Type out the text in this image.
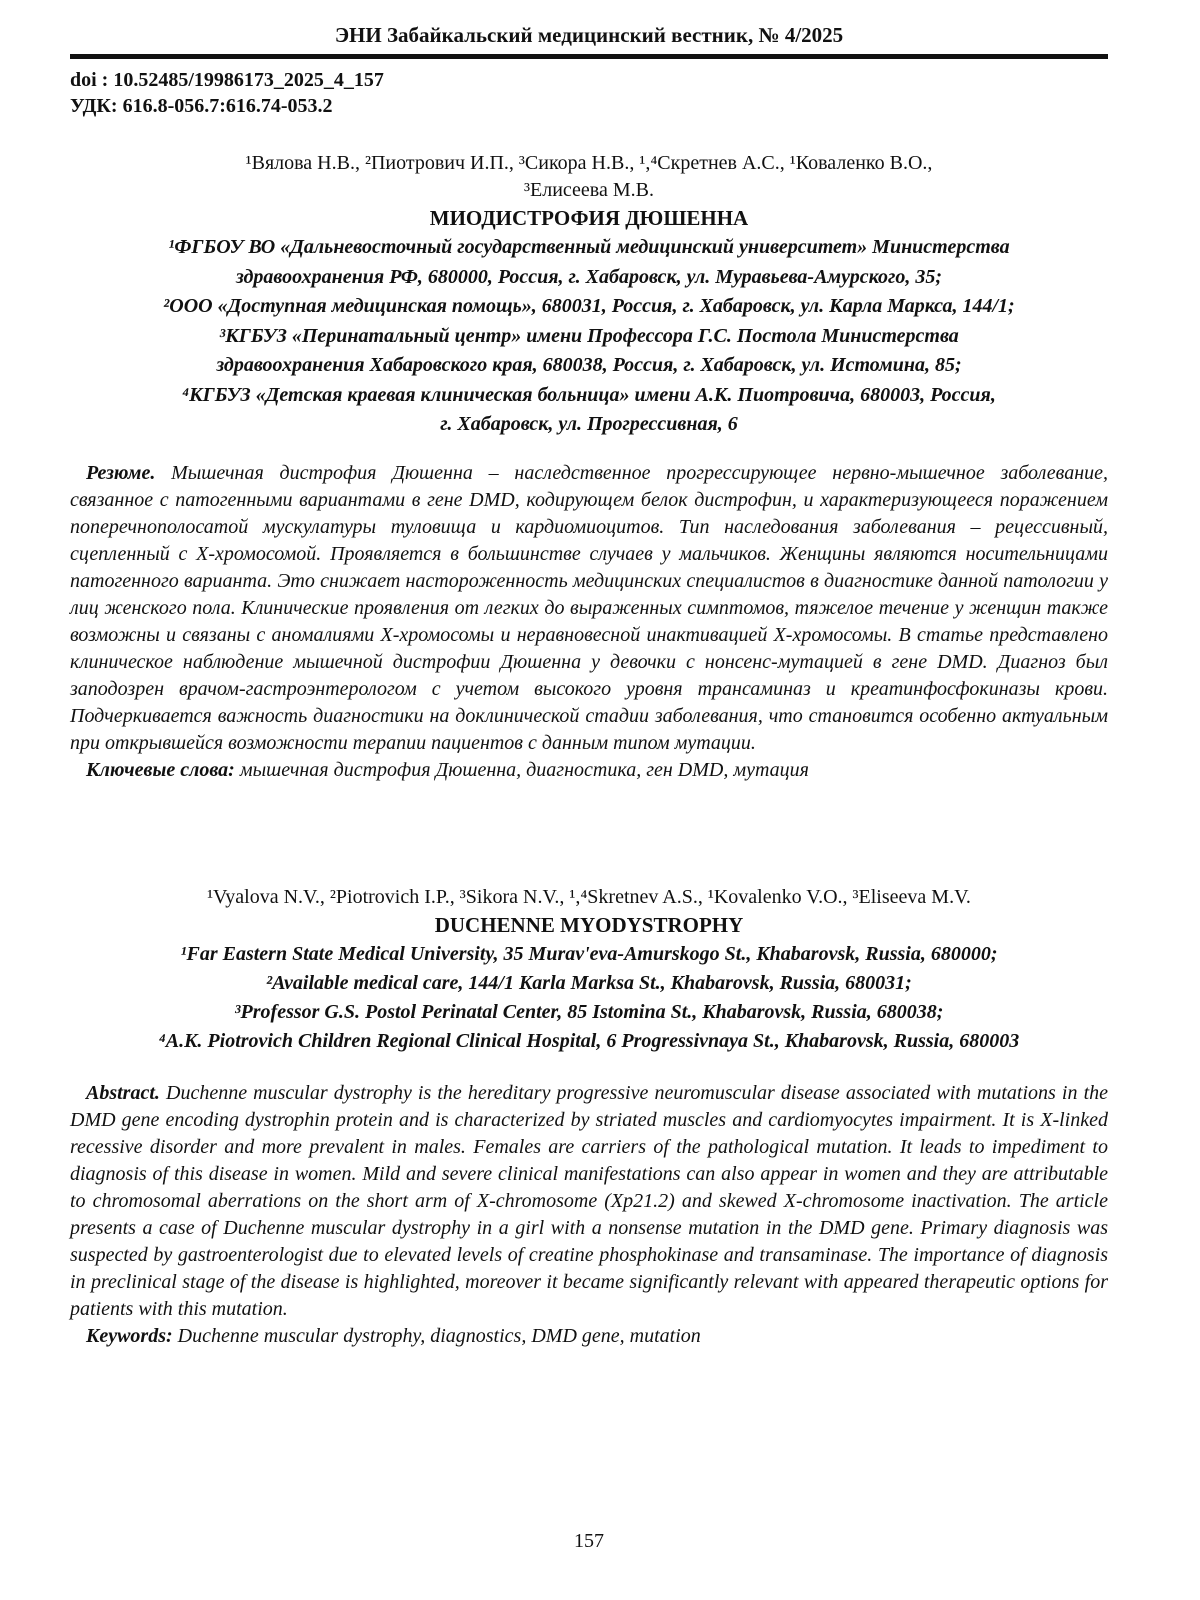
ЭНИ Забайкальский медицинский вестник, № 4/2025
doi : 10.52485/19986173_2025_4_157
УДК: 616.8-056.7:616.74-053.2
¹Вялова Н.В., ²Пиотрович И.П., ³Сикора Н.В., ¹,⁴Скретнев А.С., ¹Коваленко В.О.,
³Елисеева М.В.
МИОДИСТРОФИЯ ДЮШЕННА
¹ФГБОУ ВО «Дальневосточный государственный медицинский университет» Министерства
здравоохранения РФ, 680000, Россия, г. Хабаровск, ул. Муравьева-Амурского, 35;
²ООО «Доступная медицинская помощь», 680031, Россия, г. Хабаровск, ул. Карла Маркса, 144/1;
³КГБУЗ «Перинатальный центр» имени Профессора Г.С. Постола Министерства
здравоохранения Хабаровского края, 680038, Россия, г. Хабаровск, ул. Истомина, 85;
⁴КГБУЗ «Детская краевая клиническая больница» имени А.К. Пиотровича, 680003, Россия,
г. Хабаровск, ул. Прогрессивная, 6

Резюме. Мышечная дистрофия Дюшенна – наследственное прогрессирующее нервно-мышечное заболевание, связанное с патогенными вариантами в гене DMD, кодирующем белок дистрофин, и характеризующееся поражением поперечнополосатой мускулатуры туловища и кардиомиоцитов. Тип наследования заболевания – рецессивный, сцепленный с X-хромосомой. Проявляется в большинстве случаев у мальчиков. Женщины являются носительницами патогенного варианта. Это снижает настороженность медицинских специалистов в диагностике данной патологии у лиц женского пола. Клинические проявления от легких до выраженных симптомов, тяжелое течение у женщин также возможны и связаны с аномалиями X-хромосомы и неравновесной инактивацией X-хромосомы. В статье представлено клиническое наблюдение мышечной дистрофии Дюшенна у девочки с нонсенс-мутацией в гене DMD. Диагноз был заподозрен врачом-гастроэнтерологом с учетом высокого уровня трансаминаз и креатинфосфокиназы крови. Подчеркивается важность диагностики на доклинической стадии заболевания, что становится особенно актуальным при открывшейся возможности терапии пациентов с данным типом мутации.

Ключевые слова: мышечная дистрофия Дюшенна, диагностика, ген DMD, мутация

¹Vyalova N.V., ²Piotrovich I.P., ³Sikora N.V., ¹,⁴Skretnev A.S., ¹Kovalenko V.O., ³Eliseeva M.V.
DUCHENNE MYODYSTROPHY
¹Far Eastern State Medical University, 35 Murav'eva-Amurskogo St., Khabarovsk, Russia, 680000;
²Available medical care, 144/1 Karla Marksa St., Khabarovsk, Russia, 680031;
³Professor G.S. Postol Perinatal Center, 85 Istomina St., Khabarovsk, Russia, 680038;
⁴A.K. Piotrovich Children Regional Clinical Hospital, 6 Progressivnaya St., Khabarovsk, Russia, 680003

Abstract. Duchenne muscular dystrophy is the hereditary progressive neuromuscular disease associated with mutations in the DMD gene encoding dystrophin protein and is characterized by striated muscles and cardiomyocytes impairment. It is X-linked recessive disorder and more prevalent in males. Females are carriers of the pathological mutation. It leads to impediment to diagnosis of this disease in women. Mild and severe clinical manifestations can also appear in women and they are attributable to chromosomal aberrations on the short arm of X-chromosome (Xp21.2) and skewed X-chromosome inactivation. The article presents a case of Duchenne muscular dystrophy in a girl with a nonsense mutation in the DMD gene. Primary diagnosis was suspected by gastroenterologist due to elevated levels of creatine phosphokinase and transaminase. The importance of diagnosis in preclinical stage of the disease is highlighted, moreover it became significantly relevant with appeared therapeutic options for patients with this mutation.

Keywords: Duchenne muscular dystrophy, diagnostics, DMD gene, mutation

157
